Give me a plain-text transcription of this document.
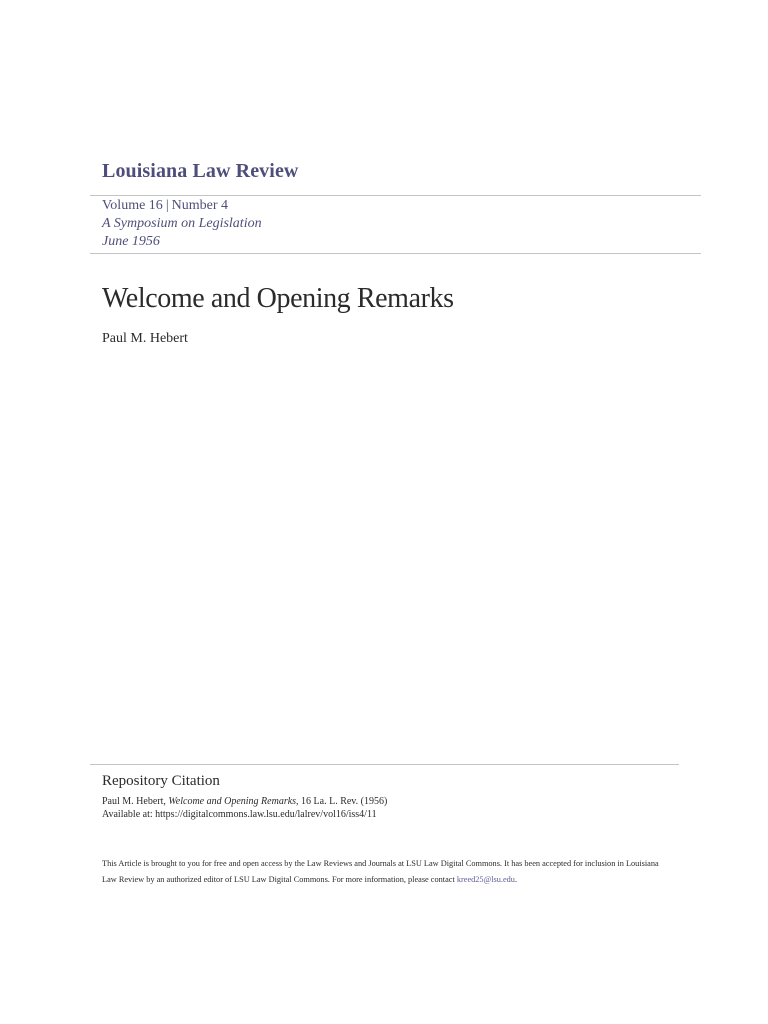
Louisiana Law Review
Volume 16 | Number 4
A Symposium on Legislation
June 1956
Welcome and Opening Remarks
Paul M. Hebert
Repository Citation
Paul M. Hebert, Welcome and Opening Remarks, 16 La. L. Rev. (1956)
Available at: https://digitalcommons.law.lsu.edu/lalrev/vol16/iss4/11
This Article is brought to you for free and open access by the Law Reviews and Journals at LSU Law Digital Commons. It has been accepted for inclusion in Louisiana Law Review by an authorized editor of LSU Law Digital Commons. For more information, please contact kreed25@lsu.edu.
